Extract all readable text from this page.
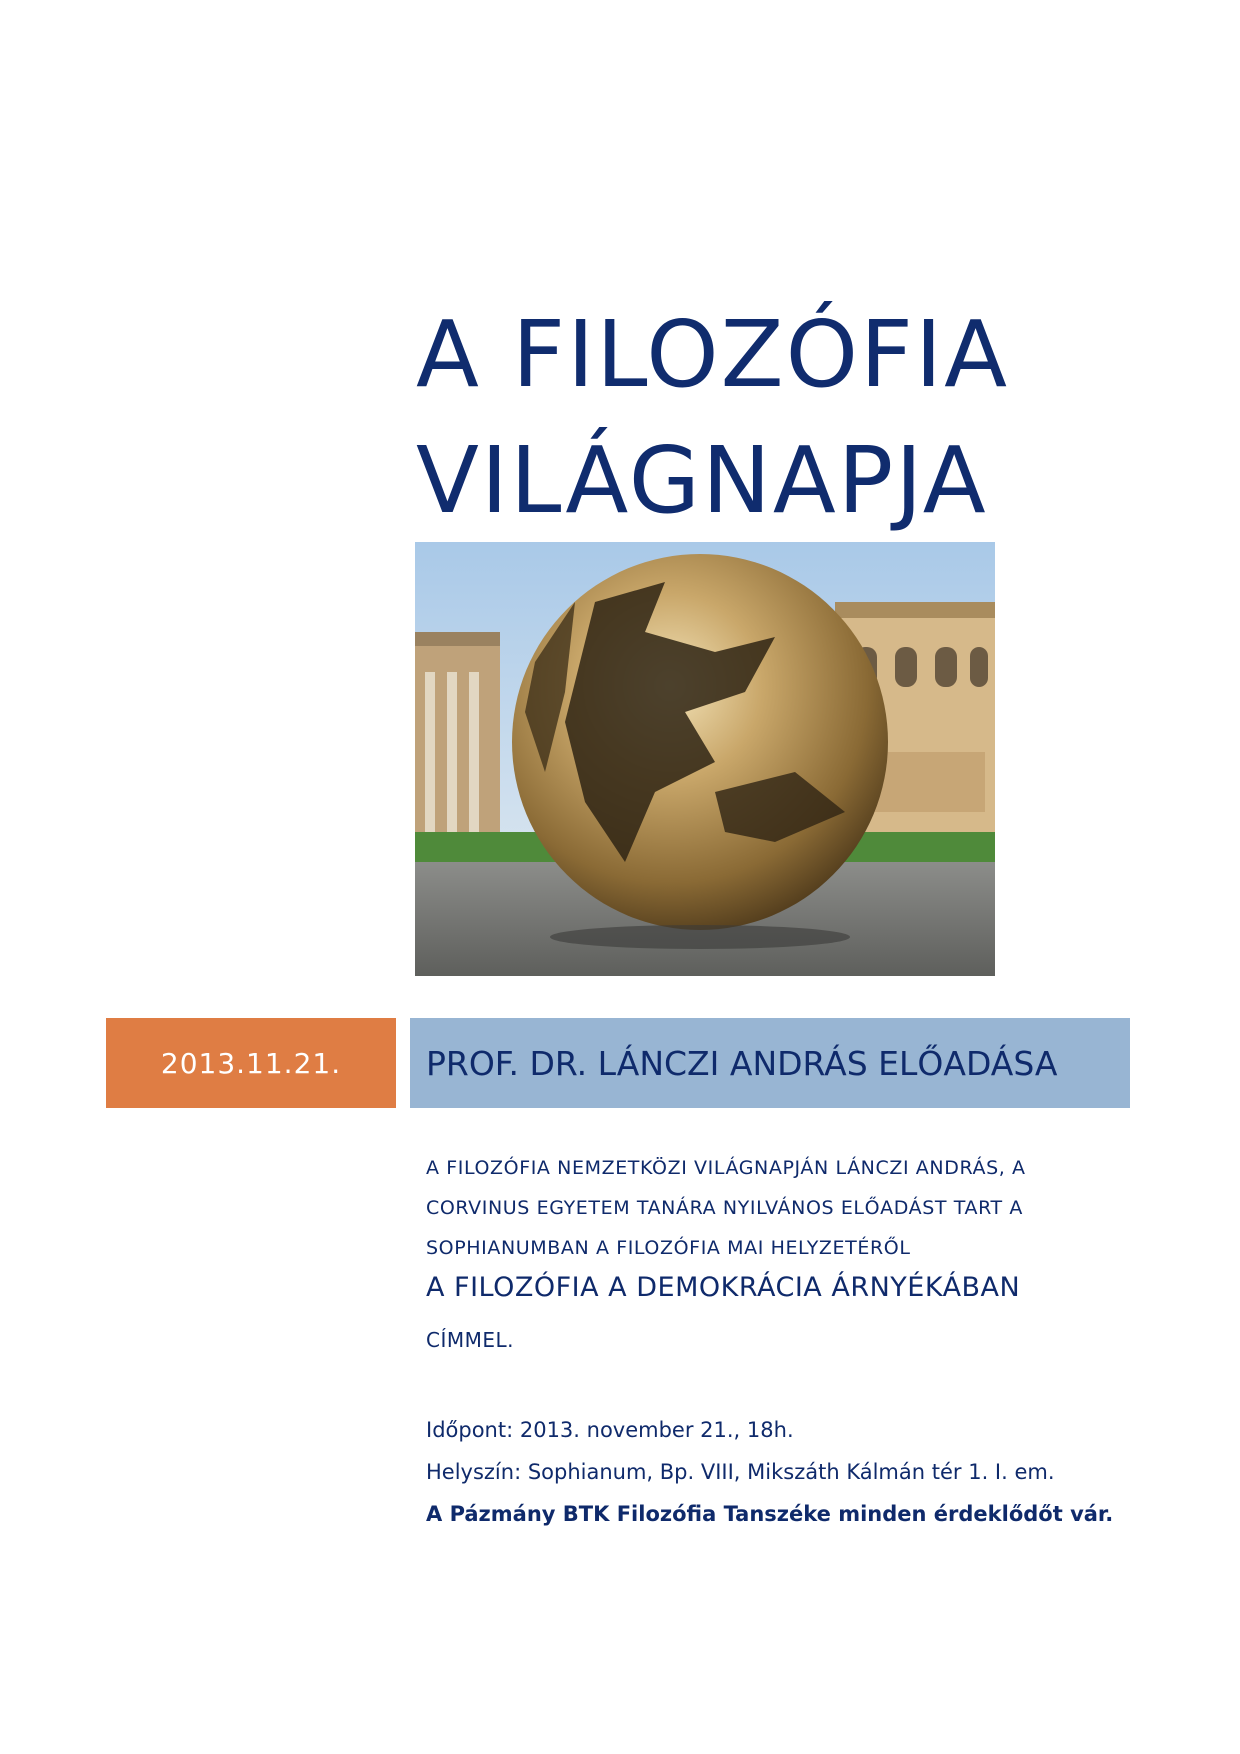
A FILOZÓFIA
VILÁGNAPJA
2013.11.21.	PROF. DR. LÁNCZI ANDRÁS ELŐADÁSA
A FILOZÓFIA NEMZETKÖZI VILÁGNAPJÁN LÁNCZI ANDRÁS, A
CORVINUS EGYETEM TANÁRA NYILVÁNOS ELŐADÁST TART A
SOPHIANUMBAN A FILOZÓFIA MAI HELYZETÉRŐL
A FILOZÓFIA A DEMOKRÁCIA ÁRNYÉKÁBAN
CÍMMEL.
Időpont: 2013. november 21., 18h.
Helyszín: Sophianum, Bp. VIII, Mikszáth Kálmán tér 1. I. em.
A Pázmány BTK Filozófia Tanszéke minden érdeklődőt vár.
